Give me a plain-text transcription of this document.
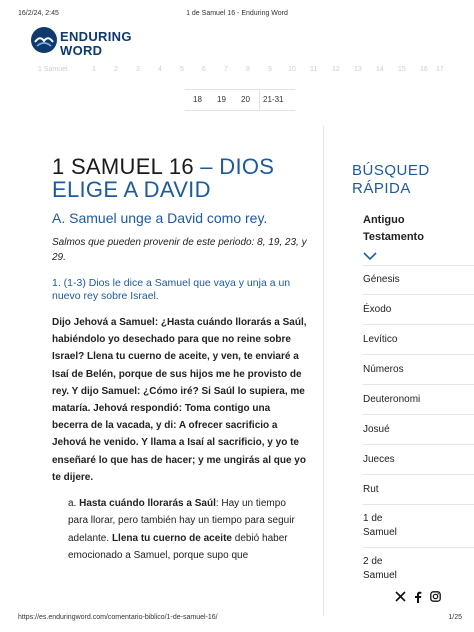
16/2/24, 2:45	1 de Samuel 16 - Enduring Word
ENDURING
WORD
1 Samuel	1	2	3	4	5	6	7	8	9 10 11 12 13 14 15 16 17
18 19 20 21-31
1 SAMUEL 16 – DIOS ELIGE A DAVID
A. Samuel unge a David como rey.
Salmos que pueden provenir de este periodo: 8, 19, 23, y 29.
1. (1-3) Dios le dice a Samuel que vaya y unja a un nuevo rey sobre Israel.
Dijo Jehová a Samuel: ¿Hasta cuándo llorarás a Saúl, habiéndolo yo desechado para que no reine sobre Israel? Llena tu cuerno de aceite, y ven, te enviaré a Isaí de Belén, porque de sus hijos me he provisto de rey. Y dijo Samuel: ¿Cómo iré? Si Saúl lo supiera, me mataría. Jehová respondió: Toma contigo una becerra de la vacada, y di: A ofrecer sacrificio a Jehová he venido. Y llama a Isaí al sacrificio, y yo te enseñaré lo que has de hacer; y me ungirás al que yo te dijere.
a. Hasta cuándo llorarás a Saúl: Hay un tiempo para llorar, pero también hay un tiempo para seguir adelante. Llena tu cuerno de aceite debió haber emocionado a Samuel, porque supo que
BÚSQUED
RÁPIDA
Antiguo
Testamento
Génesis
Éxodo
Levítico
Números
Deuteronomi
Josué
Jueces
Rut
1 de
Samuel
2 de
Samuel
https://es.enduringword.com/comentario-biblico/1-de-samuel-16/	1/25
